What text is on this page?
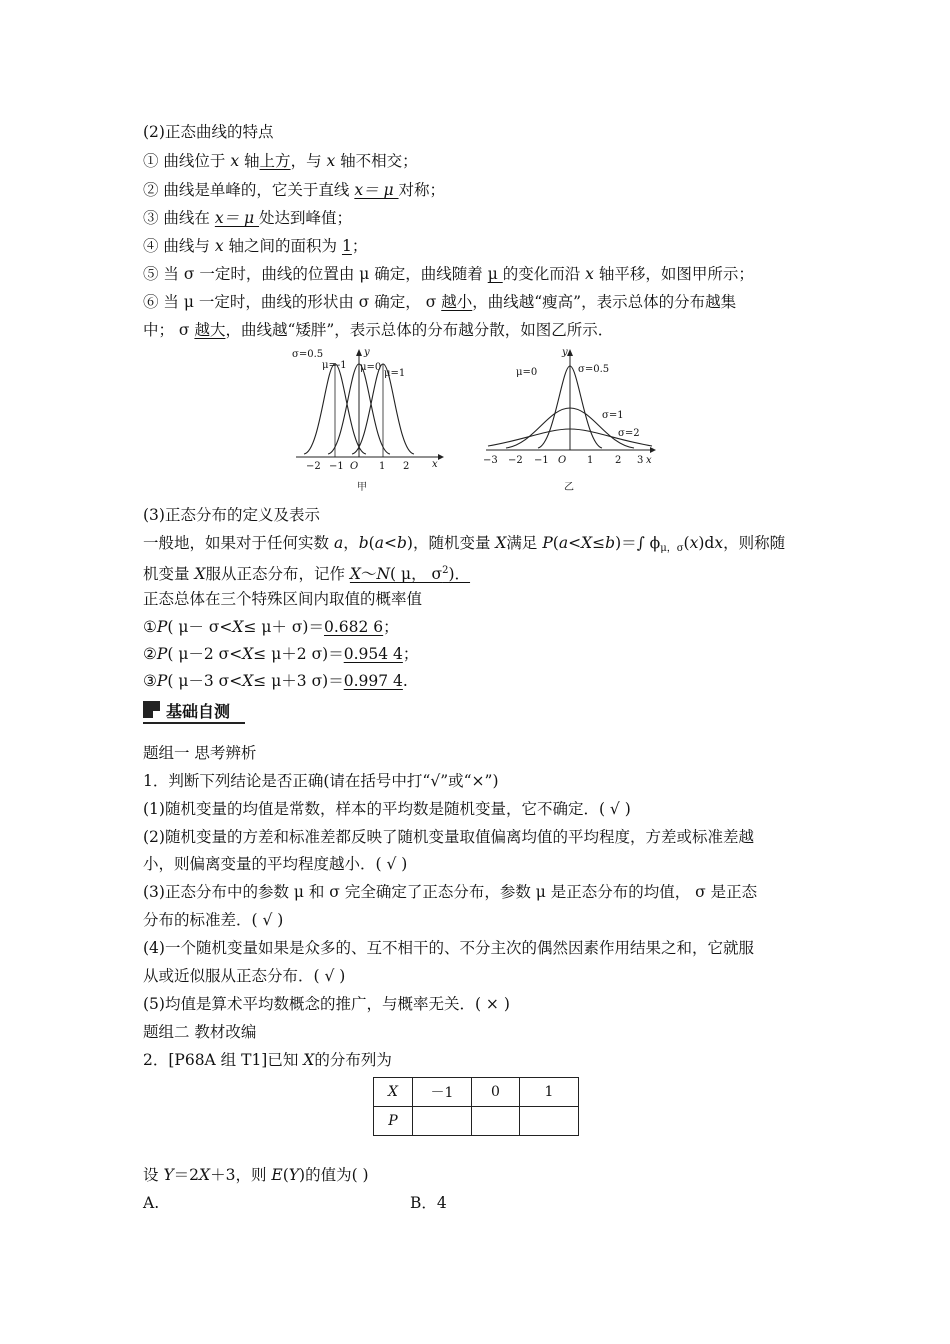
(2)正态曲线的特点
① 曲线位于 x 轴上方，与 x 轴不相交；
② 曲线是单峰的，它关于直线 x＝ μ 对称；
③ 曲线在 x＝ μ 处达到峰值；
④ 曲线与 x 轴之间的面积为 1；
⑤ 当 σ 一定时，曲线的位置由 μ 确定，曲线随着 μ 的变化而沿 x 轴平移，如图甲所示；
⑥ 当 μ 一定时，曲线的形状由 σ 确定， σ 越小，曲线越“瘦高”，表示总体的分布越集
中； σ 越大，曲线越“矮胖”，表示总体的分布越分散，如图乙所示．
σ=0.5
μ=-1 μ=0
μ=1
y
x
−2 −1 O 1 2
甲
μ=0	σ=0.5
σ=1
σ=2
y
x
−3 −2 −1 O 1 2 3
乙
(3)正态分布的定义及表示
一般地，如果对于任何实数 a，b(a<b)，随机变量 X满足 P(a<X≤b)＝∫ $\phi_{\mu,\sigma}(x)dx$，则称随
机变量 X服从正态分布，记作 X～N( μ， $\sigma^2$)．
正态总体在三个特殊区间内取值的概率值
①P( μ－ σ<X≤ μ＋ σ)＝0.682 6；
②P( μ－2 σ<X≤ μ＋2 σ)＝0.954 4；
③P( μ－3 σ<X≤ μ＋3 σ)＝0.997 4.
基础自测
题组一 思考辨析
1．判断下列结论是否正确(请在括号中打“√”或“×”)
(1)随机变量的均值是常数，样本的平均数是随机变量，它不确定．( √ )
(2)随机变量的方差和标准差都反映了随机变量取值偏离均值的平均程度，方差或标准差越
小，则偏离变量的平均程度越小．( √ )
(3)正态分布中的参数 μ 和 σ 完全确定了正态分布，参数 μ 是正态分布的均值， σ 是正态
分布的标准差．( √ )
(4)一个随机变量如果是众多的、互不相干的、不分主次的偶然因素作用结果之和，它就服
从或近似服从正态分布．( √ )
(5)均值是算术平均数概念的推广，与概率无关．( × )
题组二 教材改编
2．[P68A 组 T1]已知 X的分布列为
X	－1	0	1
P			
设 Y＝2X＋3，则 E(Y)的值为( )
A.	B．4
